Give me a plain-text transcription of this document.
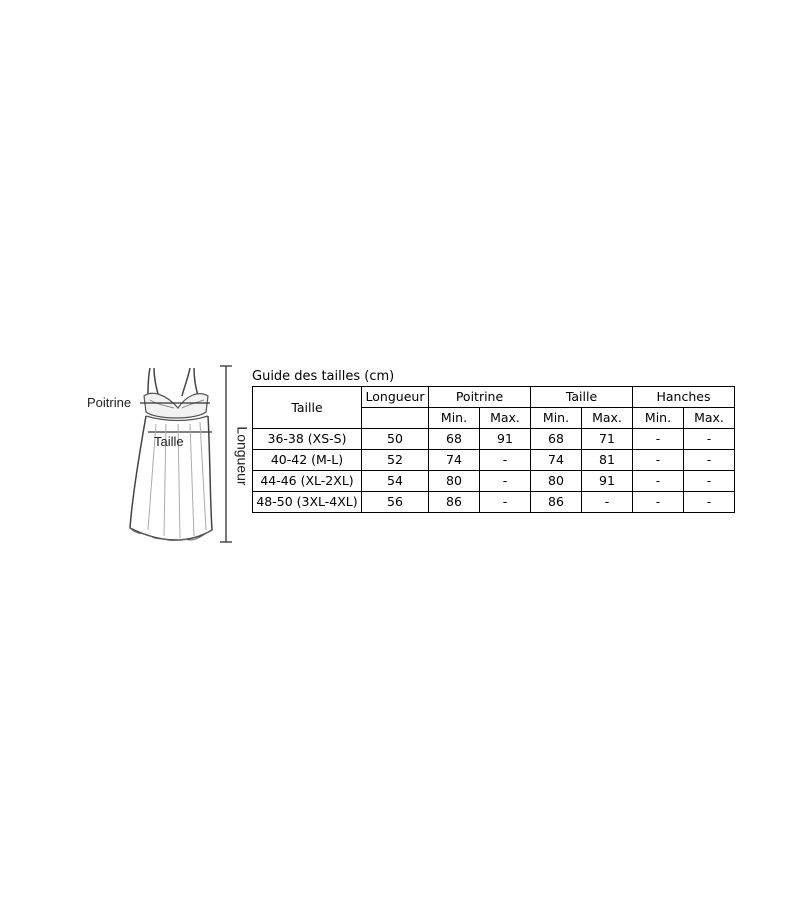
Poitrine
Taille	Longueur
Guide des tailles (cm)
Taille	Longueur	Poitrine		Taille		Hanches	
		Min.	Max.	Min.	Max.	Min.	Max.
36-38 (XS-S)	50	68	91	68	71	-	-
40-42 (M-L)	52	74	-	74	81	-	-
44-46 (XL-2XL)	54	80	-	80	91	-	-
48-50 (3XL-4XL)	56	86	-	86	-	-	-
